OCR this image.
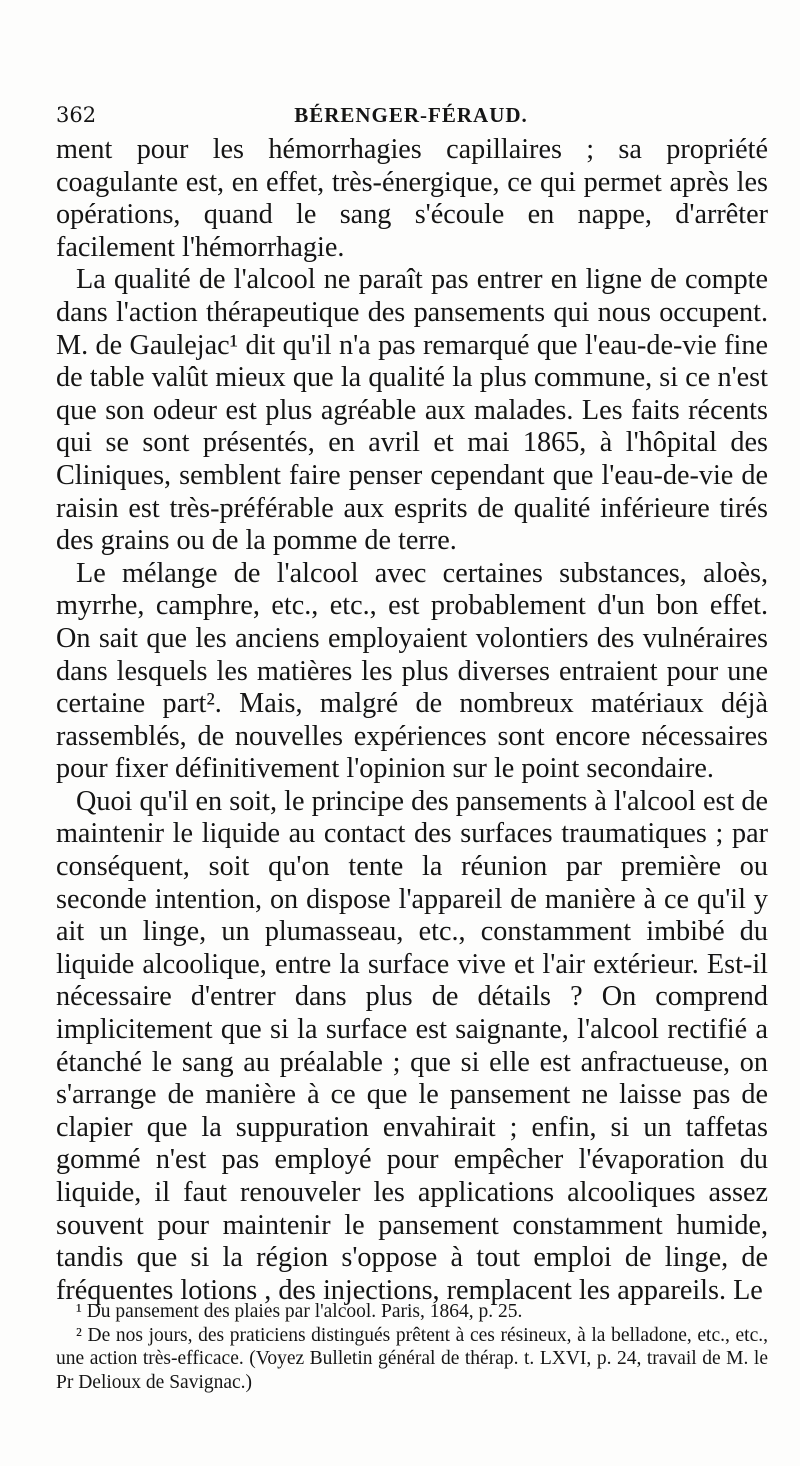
362	BÉRENGER-FÉRAUD.

ment pour les hémorrhagies capillaires ; sa propriété coagulante est, en effet, très-énergique, ce qui permet après les opérations, quand le sang s'écoule en nappe, d'arrêter facilement l'hémorrhagie.

La qualité de l'alcool ne paraît pas entrer en ligne de compte dans l'action thérapeutique des pansements qui nous occupent. M. de Gaulejac¹ dit qu'il n'a pas remarqué que l'eau-de-vie fine de table valût mieux que la qualité la plus commune, si ce n'est que son odeur est plus agréable aux malades. Les faits récents qui se sont présentés, en avril et mai 1865, à l'hôpital des Cliniques, semblent faire penser cependant que l'eau-de-vie de raisin est très-préférable aux esprits de qualité inférieure tirés des grains ou de la pomme de terre.

Le mélange de l'alcool avec certaines substances, aloès, myrrhe, camphre, etc., etc., est probablement d'un bon effet. On sait que les anciens employaient volontiers des vulnéraires dans lesquels les matières les plus diverses entraient pour une certaine part². Mais, malgré de nombreux matériaux déjà rassemblés, de nouvelles expériences sont encore nécessaires pour fixer définitivement l'opinion sur le point secondaire.

Quoi qu'il en soit, le principe des pansements à l'alcool est de maintenir le liquide au contact des surfaces traumatiques ; par conséquent, soit qu'on tente la réunion par première ou seconde intention, on dispose l'appareil de manière à ce qu'il y ait un linge, un plumasseau, etc., constamment imbibé du liquide alcoolique, entre la surface vive et l'air extérieur. Est-il nécessaire d'entrer dans plus de détails ? On comprend implicitement que si la surface est saignante, l'alcool rectifié a étanché le sang au préalable ; que si elle est anfractueuse, on s'arrange de manière à ce que le pansement ne laisse pas de clapier que la suppuration envahirait ; enfin, si un taffetas gommé n'est pas employé pour empêcher l'évaporation du liquide, il faut renouveler les applications alcooliques assez souvent pour maintenir le pansement constamment humide, tandis que si la région s'oppose à tout emploi de linge, de fréquentes lotions , des injections, remplacent les appareils. Le

¹ Du pansement des plaies par l'alcool. Paris, 1864, p. 25.

² De nos jours, des praticiens distingués prêtent à ces résineux, à la belladone, etc., etc., une action très-efficace. (Voyez Bulletin général de thérap. t. LXVI, p. 24, travail de M. le Pr Delioux de Savignac.)
